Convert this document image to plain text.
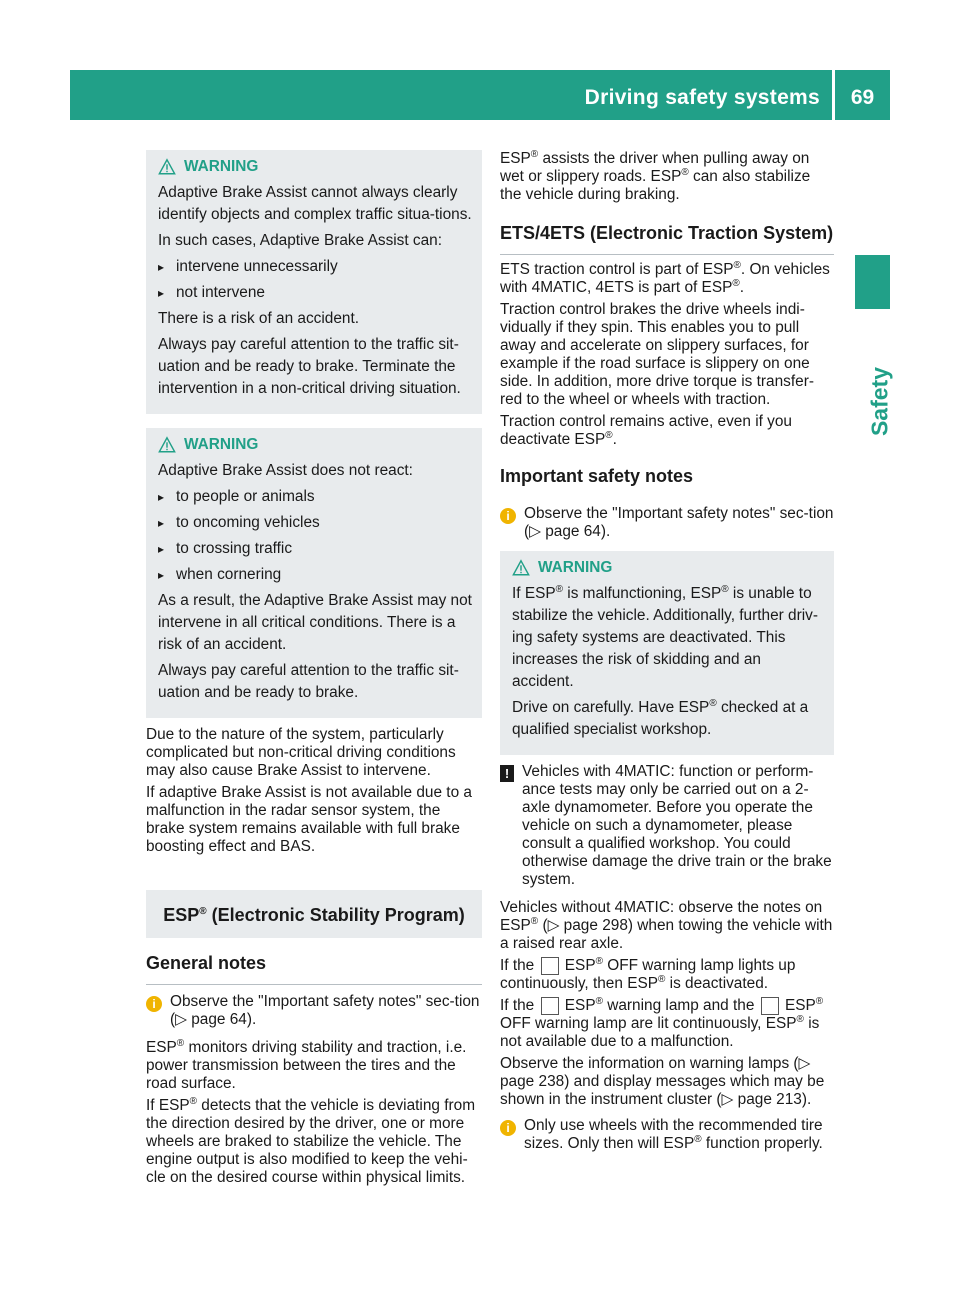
Driving safety systems	69
Safety
WARNING

Adaptive Brake Assist cannot always clearly identify objects and complex traffic situa-tions.

In such cases, Adaptive Brake Assist can:

▸ intervene unnecessarily
▸ not intervene

There is a risk of an accident.

Always pay careful attention to the traffic sit-uation and be ready to brake. Terminate the intervention in a non-critical driving situation.

WARNING

Adaptive Brake Assist does not react:

▸ to people or animals
▸ to oncoming vehicles
▸ to crossing traffic
▸ when cornering

As a result, the Adaptive Brake Assist may not intervene in all critical conditions. There is a risk of an accident.

Always pay careful attention to the traffic sit-uation and be ready to brake.

Due to the nature of the system, particularly complicated but non-critical driving conditions may also cause Brake Assist to intervene.

If adaptive Brake Assist is not available due to a malfunction in the radar sensor system, the brake system remains available with full brake boosting effect and BAS.

ESP® (Electronic Stability Program)
General notes
i Observe the "Important safety notes" sec-tion (▷ page 64).

ESP® monitors driving stability and traction, i.e. power transmission between the tires and the road surface.

If ESP® detects that the vehicle is deviating from the direction desired by the driver, one or more wheels are braked to stabilize the vehicle. The engine output is also modified to keep the vehi-cle on the desired course within physical limits.

ESP® assists the driver when pulling away on wet or slippery roads. ESP® can also stabilize the vehicle during braking.

ETS/4ETS (Electronic Traction System)

ETS traction control is part of ESP®. On vehicles with 4MATIC, 4ETS is part of ESP®.

Traction control brakes the drive wheels indi-vidually if they spin. This enables you to pull away and accelerate on slippery surfaces, for example if the road surface is slippery on one side. In addition, more drive torque is transfer-red to the wheel or wheels with traction.

Traction control remains active, even if you deactivate ESP®.

Important safety notes
i Observe the "Important safety notes" sec-tion (▷ page 64).

WARNING

If ESP® is malfunctioning, ESP® is unable to stabilize the vehicle. Additionally, further driv-ing safety systems are deactivated. This increases the risk of skidding and an accident.

Drive on carefully. Have ESP® checked at a qualified specialist workshop.

! Vehicles with 4MATIC: function or perform-ance tests may only be carried out on a 2-axle dynamometer. Before you operate the vehicle on such a dynamometer, please consult a qualified workshop. You could otherwise damage the drive train or the brake system.

Vehicles without 4MATIC: observe the notes on ESP® (▷ page 298) when towing the vehicle with a raised rear axle.

If the ESP® OFF warning lamp lights up continuously, then ESP® is deactivated.

If the ESP® warning lamp and the ESP® OFF warning lamp are lit continuously, ESP® is not available due to a malfunction.

Observe the information on warning lamps (▷ page 238) and display messages which may be shown in the instrument cluster (▷ page 213).

i Only use wheels with the recommended tire sizes. Only then will ESP® function properly.
